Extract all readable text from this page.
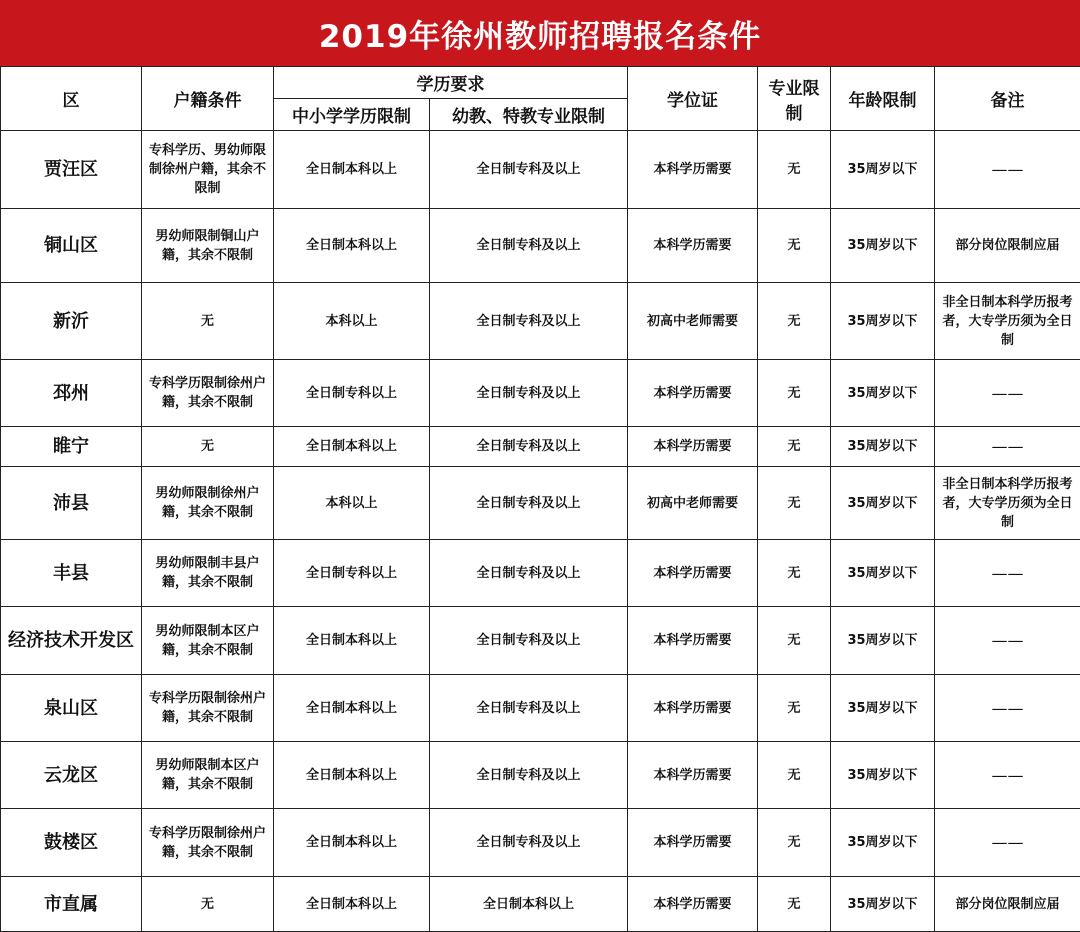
2019年徐州教师招聘报名条件
区	户籍条件	学历要求		学位证	专业限制	年龄限制	备注
		中小学学历限制	幼教、特教专业限制				
贾汪区	专科学历、男幼师限制徐州户籍，其余不限制	全日制本科以上	全日制专科及以上	本科学历需要	无	35周岁以下	——
铜山区	男幼师限制铜山户籍，其余不限制	全日制本科以上	全日制专科及以上	本科学历需要	无	35周岁以下	部分岗位限制应届
新沂	无	本科以上	全日制专科及以上	初高中老师需要	无	35周岁以下	非全日制本科学历报考者，大专学历须为全日制
邳州	专科学历限制徐州户籍，其余不限制	全日制专科以上	全日制专科及以上	本科学历需要	无	35周岁以下	——
睢宁	无	全日制本科以上	全日制专科及以上	本科学历需要	无	35周岁以下	——
沛县	男幼师限制徐州户籍，其余不限制	本科以上	全日制专科及以上	初高中老师需要	无	35周岁以下	非全日制本科学历报考者，大专学历须为全日制
丰县	男幼师限制丰县户籍，其余不限制	全日制专科以上	全日制专科及以上	本科学历需要	无	35周岁以下	——
经济技术开发区	男幼师限制本区户籍，其余不限制	全日制本科以上	全日制专科及以上	本科学历需要	无	35周岁以下	——
泉山区	专科学历限制徐州户籍，其余不限制	全日制本科以上	全日制专科及以上	本科学历需要	无	35周岁以下	——
云龙区	男幼师限制本区户籍，其余不限制	全日制本科以上	全日制专科及以上	本科学历需要	无	35周岁以下	——
鼓楼区	专科学历限制徐州户籍，其余不限制	全日制本科以上	全日制专科及以上	本科学历需要	无	35周岁以下	——
市直属	无	全日制本科以上	全日制本科以上	本科学历需要	无	35周岁以下	部分岗位限制应届
